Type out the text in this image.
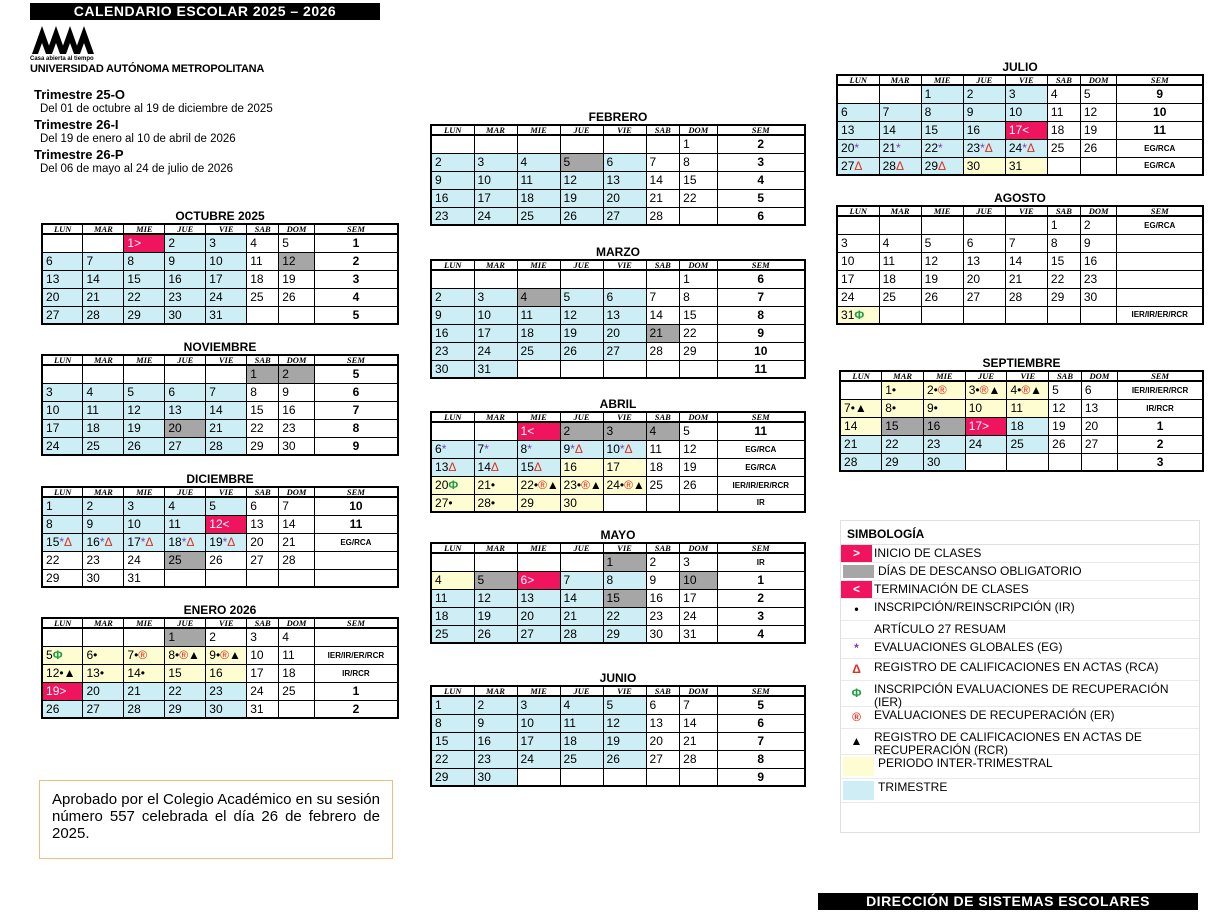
CALENDARIO ESCOLAR 2025 – 2026
Casa abierta al tiempo
UNIVERSIDAD AUTÓNOMA METROPOLITANA
Trimestre 25-O
Del 01 de octubre al 19 de diciembre de 2025
Trimestre 26-I
Del 19 de enero al 10 de abril de 2026
Trimestre 26-P
Del 06 de mayo al 24 de julio de 2026
OCTUBRE 2025
LUN	MAR	MIE	JUE	VIE	SAB	DOM	SEM
		1>	2	3	4	5	1
6	7	8	9	10	11	12	2
13	14	15	16	17	18	19	3
20	21	22	23	24	25	26	4
27	28	29	30	31			5
NOVIEMBRE
LUN	MAR	MIE	JUE	VIE	SAB	DOM	SEM
					1	2	5
3	4	5	6	7	8	9	6
10	11	12	13	14	15	16	7
17	18	19	20	21	22	23	8
24	25	26	27	28	29	30	9
DICIEMBRE
LUN	MAR	MIE	JUE	VIE	SAB	DOM	SEM
1	2	3	4	5	6	7	10
8	9	10	11	12<	13	14	11
15*Δ	16*Δ	17*Δ	18*Δ	19*Δ	20	21	EG/RCA
22	23	24	25	26	27	28	
29	30	31					
ENERO 2026
LUN	MAR	MIE	JUE	VIE	SAB	DOM	SEM
			1	2	3	4	
5Φ	6•	7•®	8•®▲	9•®▲	10	11	IER/IR/ER/RCR
12•▲	13•	14•	15	16	17	18	IR/RCR
19>	20	21	22	23	24	25	1
26	27	28	29	30	31		2
FEBRERO
LUN	MAR	MIE	JUE	VIE	SAB	DOM	SEM
						1	2
2	3	4	5	6	7	8	3
9	10	11	12	13	14	15	4
16	17	18	19	20	21	22	5
23	24	25	26	27	28		6
MARZO
LUN	MAR	MIE	JUE	VIE	SAB	DOM	SEM
						1	6
2	3	4	5	6	7	8	7
9	10	11	12	13	14	15	8
16	17	18	19	20	21	22	9
23	24	25	26	27	28	29	10
30	31						11
ABRIL
LUN	MAR	MIE	JUE	VIE	SAB	DOM	SEM
		1<	2	3	4	5	11
6*	7*	8*	9*Δ	10*Δ	11	12	EG/RCA
13Δ	14Δ	15Δ	16	17	18	19	EG/RCA
20Φ	21•	22•®▲	23•®▲	24•®▲	25	26	IER/IR/ER/RCR
27•	28•	29	30				IR
MAYO
LUN	MAR	MIE	JUE	VIE	SAB	DOM	SEM
				1	2	3	IR
4	5	6>	7	8	9	10	1
11	12	13	14	15	16	17	2
18	19	20	21	22	23	24	3
25	26	27	28	29	30	31	4
JUNIO
LUN	MAR	MIE	JUE	VIE	SAB	DOM	SEM
1	2	3	4	5	6	7	5
8	9	10	11	12	13	14	6
15	16	17	18	19	20	21	7
22	23	24	25	26	27	28	8
29	30						9
JULIO
LUN	MAR	MIE	JUE	VIE	SAB	DOM	SEM
		1	2	3	4	5	9
6	7	8	9	10	11	12	10
13	14	15	16	17<	18	19	11
20*	21*	22*	23*Δ	24*Δ	25	26	EG/RCA
27Δ	28Δ	29Δ	30	31			EG/RCA
AGOSTO
LUN	MAR	MIE	JUE	VIE	SAB	DOM	SEM
					1	2	EG/RCA
3	4	5	6	7	8	9	
10	11	12	13	14	15	16	
17	18	19	20	21	22	23	
24	25	26	27	28	29	30	
31Φ							IER/IR/ER/RCR
SEPTIEMBRE
LUN	MAR	MIE	JUE	VIE	SAB	DOM	SEM
	1•	2•®	3•®▲	4•®▲	5	6	IER/IR/ER/RCR
7•▲	8•	9•	10	11	12	13	IR/RCR
14	15	16	17>	18	19	20	1
21	22	23	24	25	26	27	2
28	29	30					3
Aprobado por el Colegio Académico en su sesión número 557 celebrada el día 26 de febrero de 2025.
SIMBOLOGÍA
>	INICIO DE CLASES
DÍAS DE DESCANSO OBLIGATORIO
<	TERMINACIÓN DE CLASES
•	INSCRIPCIÓN/REINSCRIPCIÓN (IR)
ARTÍCULO 27 RESUAM
*	EVALUACIONES GLOBALES (EG)
Δ	REGISTRO DE CALIFICACIONES EN ACTAS (RCA)
Φ	INSCRIPCIÓN EVALUACIONES DE RECUPERACIÓN (IER)
®	EVALUACIONES DE RECUPERACIÓN (ER)
▲ REGISTRO DE CALIFICACIONES EN ACTAS DE RECUPERACIÓN (RCR)
PERIODO INTER-TRIMESTRAL
TRIMESTRE
DIRECCIÓN DE SISTEMAS ESCOLARES
